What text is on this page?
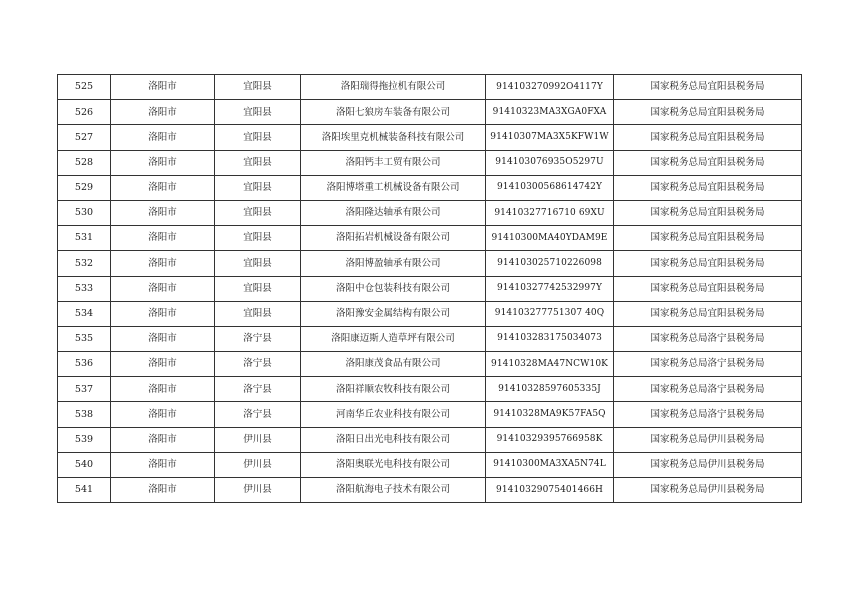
525	洛阳市	宜阳县	洛阳瑞得拖拉机有限公司	914103270992O4117Y	国家税务总局宜阳县税务局
526	洛阳市	宜阳县	洛阳七狼房车装备有限公司	91410323MA3XGA0FXA	国家税务总局宜阳县税务局
527	洛阳市	宜阳县	洛阳埃里克机械装备科技有限公司	91410307MA3X5KFW1W	国家税务总局宜阳县税务局
528	洛阳市	宜阳县	洛阳钙丰工贸有限公司	914103076935O5297U	国家税务总局宜阳县税务局
529	洛阳市	宜阳县	洛阳博塔重工机械设备有限公司	91410300568614742Y	国家税务总局宜阳县税务局
530	洛阳市	宜阳县	洛阳隆达轴承有限公司	91410327716710 69XU	国家税务总局宜阳县税务局
531	洛阳市	宜阳县	洛阳拓岩机械设备有限公司	91410300MA40YDAM9E	国家税务总局宜阳县税务局
532	洛阳市	宜阳县	洛阳博盈轴承有限公司	914103025710226098	国家税务总局宜阳县税务局
533	洛阳市	宜阳县	洛阳中仓包装科技有限公司	91410327742532997Y	国家税务总局宜阳县税务局
534	洛阳市	宜阳县	洛阳豫安金属结构有限公司	914103277751307 40Q	国家税务总局宜阳县税务局
535	洛阳市	洛宁县	洛阳康迈斯人造草坪有限公司	914103283175034073	国家税务总局洛宁县税务局
536	洛阳市	洛宁县	洛阳康茂食品有限公司	91410328MA47NCW10K	国家税务总局洛宁县税务局
537	洛阳市	洛宁县	洛阳祥顺农牧科技有限公司	91410328597605335J	国家税务总局洛宁县税务局
538	洛阳市	洛宁县	河南华丘农业科技有限公司	91410328MA9K57FA5Q	国家税务总局洛宁县税务局
539	洛阳市	伊川县	洛阳日出光电科技有限公司	91410329395766958K	国家税务总局伊川县税务局
540	洛阳市	伊川县	洛阳奥联光电科技有限公司	91410300MA3XA5N74L	国家税务总局伊川县税务局
541	洛阳市	伊川县	洛阳航海电子技术有限公司	91410329075401466H	国家税务总局伊川县税务局
